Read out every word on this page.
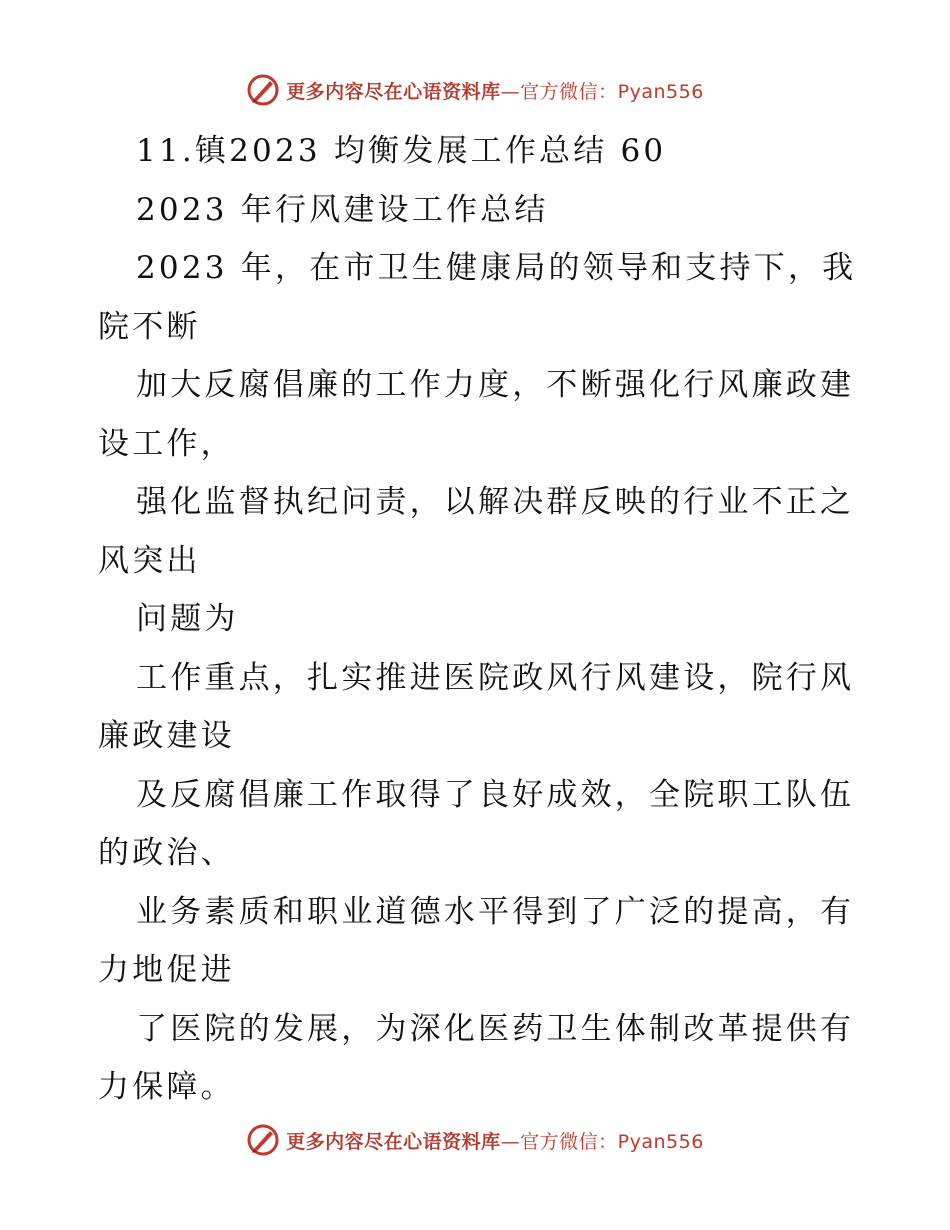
更多内容尽在心语资料库—官方微信：Pyan556
11.镇2023 均衡发展工作总结 60
2023 年行风建设工作总结
2023 年，在市卫生健康局的领导和支持下，我
院不断
加大反腐倡廉的工作力度，不断强化行风廉政建
设工作，
强化监督执纪问责，以解决群反映的行业不正之
风突出
问题为
工作重点，扎实推进医院政风行风建设，院行风
廉政建设
及反腐倡廉工作取得了良好成效，全院职工队伍
的政治、
业务素质和职业道德水平得到了广泛的提高，有
力地促进
了医院的发展，为深化医药卫生体制改革提供有
力保障。
更多内容尽在心语资料库—官方微信：Pyan556
